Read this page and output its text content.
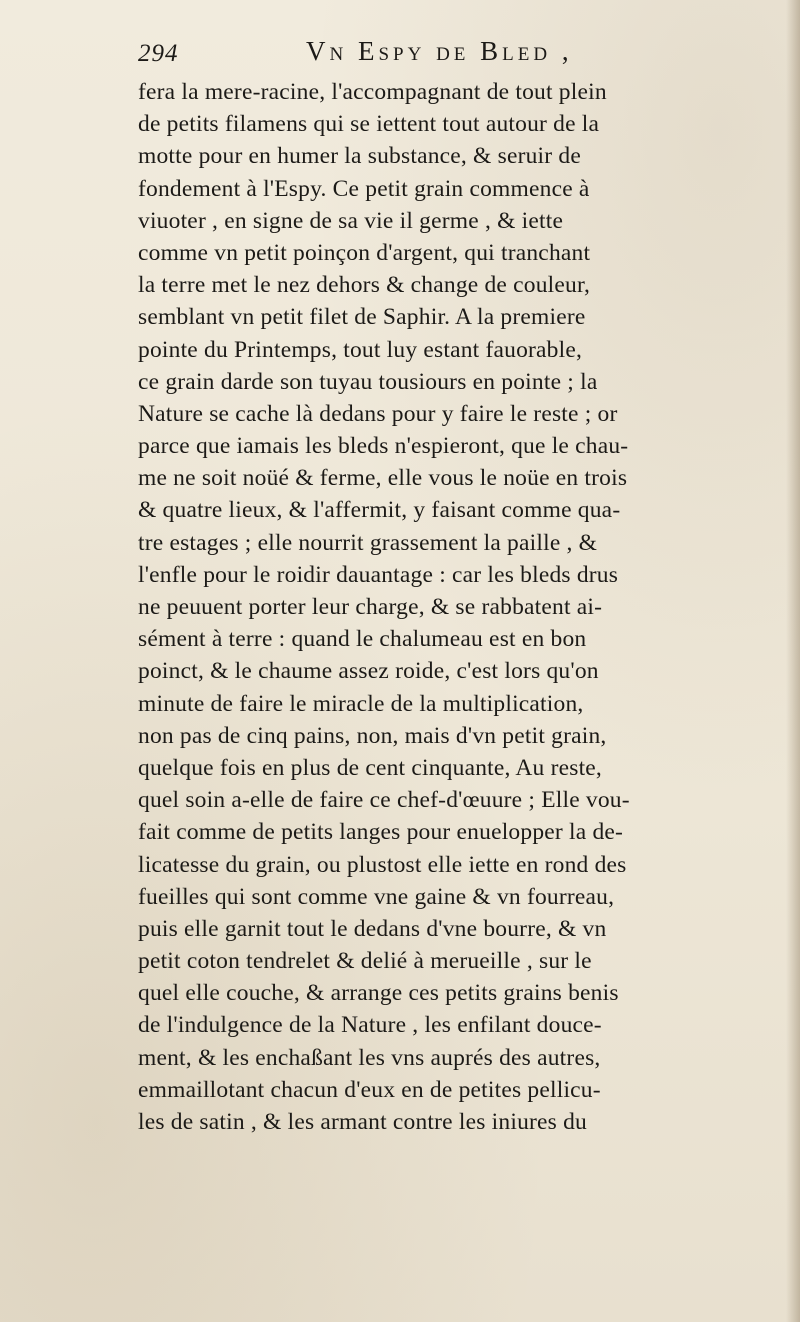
294	Vn Espy de Bled ,
fera la mere-racine, l'accompagnant de tout plein
de petits filamens qui se iettent tout autour de la
motte pour en humer la substance, & seruir de
fondement à l'Espy. Ce petit grain commence à
viuoter , en signe de sa vie il germe , & iette
comme vn petit poinçon d'argent, qui tranchant
la terre met le nez dehors & change de couleur,
semblant vn petit filet de Saphir. A la premiere
pointe du Printemps, tout luy estant fauorable,
ce grain darde son tuyau tousiours en pointe ; la
Nature se cache là dedans pour y faire le reste ; or
parce que iamais les bleds n'espieront, que le chau-
me ne soit noüé & ferme, elle vous le noüe en trois
& quatre lieux, & l'affermit, y faisant comme qua-
tre estages ; elle nourrit grassement la paille , &
l'enfle pour le roidir dauantage : car les bleds drus
ne peuuent porter leur charge, & se rabbatent ai-
sément à terre : quand le chalumeau est en bon
poinct, & le chaume assez roide, c'est lors qu'on
minute de faire le miracle de la multiplication,
non pas de cinq pains, non, mais d'vn petit grain,
quelque fois en plus de cent cinquante, Au reste,
quel soin a-elle de faire ce chef-d'œuure ; Elle vou-
fait comme de petits langes pour enuelopper la de-
licatesse du grain, ou plustost elle iette en rond des
fueilles qui sont comme vne gaine & vn fourreau,
puis elle garnit tout le dedans d'vne bourre, & vn
petit coton tendrelet & delié à merueille , sur le
quel elle couche, & arrange ces petits grains benis
de l'indulgence de la Nature , les enfilant douce-
ment, & les enchaßant les vns auprés des autres,
emmaillotant chacun d'eux en de petites pellicu-
les de satin , & les armant contre les iniures du
